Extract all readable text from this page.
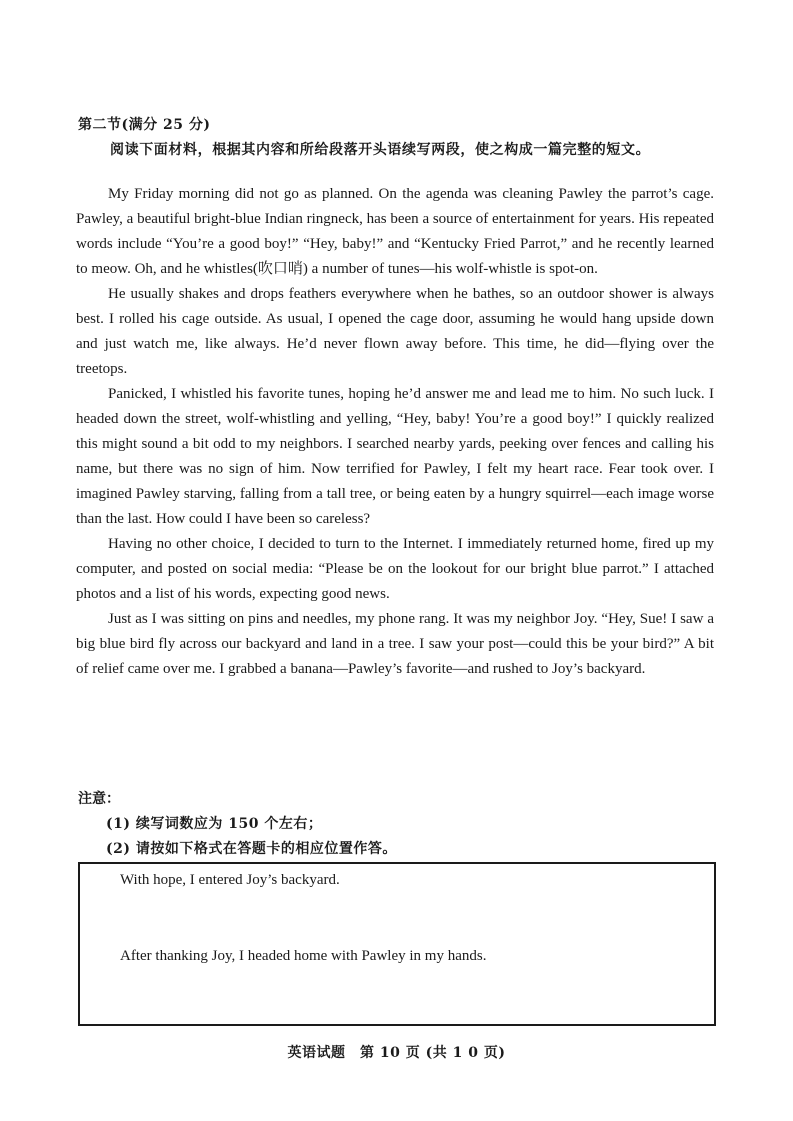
第二节(满分 25 分)
阅读下面材料，根据其内容和所给段落开头语续写两段，使之构成一篇完整的短文。

My Friday morning did not go as planned. On the agenda was cleaning Pawley the parrot’s cage. Pawley, a beautiful bright-blue Indian ringneck, has been a source of entertainment for years. His repeated words include “You’re a good boy!” “Hey, baby!” and “Kentucky Fried Parrot,” and he recently learned to meow. Oh, and he whistles(吹口哨) a number of tunes—his wolf-whistle is spot-on.

He usually shakes and drops feathers everywhere when he bathes, so an outdoor shower is always best. I rolled his cage outside. As usual, I opened the cage door, assuming he would hang upside down and just watch me, like always. He’d never flown away before. This time, he did—flying over the treetops.

Panicked, I whistled his favorite tunes, hoping he’d answer me and lead me to him. No such luck. I headed down the street, wolf-whistling and yelling, “Hey, baby! You’re a good boy!” I quickly realized this might sound a bit odd to my neighbors. I searched nearby yards, peeking over fences and calling his name, but there was no sign of him. Now terrified for Pawley, I felt my heart race. Fear took over. I imagined Pawley starving, falling from a tall tree, or being eaten by a hungry squirrel—each image worse than the last. How could I have been so careless?

Having no other choice, I decided to turn to the Internet. I immediately returned home, fired up my computer, and posted on social media: “Please be on the lookout for our bright blue parrot.” I attached photos and a list of his words, expecting good news.

Just as I was sitting on pins and needles, my phone rang. It was my neighbor Joy. “Hey, Sue! I saw a big blue bird fly across our backyard and land in a tree. I saw your post—could this be your bird?” A bit of relief came over me. I grabbed a banana—Pawley’s favorite—and rushed to Joy’s backyard.

注意：
(1) 续写词数应为 150 个左右；
(2) 请按如下格式在答题卡的相应位置作答。
With hope, I entered Joy’s backyard.
After thanking Joy, I headed home with Pawley in my hands.
英语试题　第 10 页 (共 1 0 页)
